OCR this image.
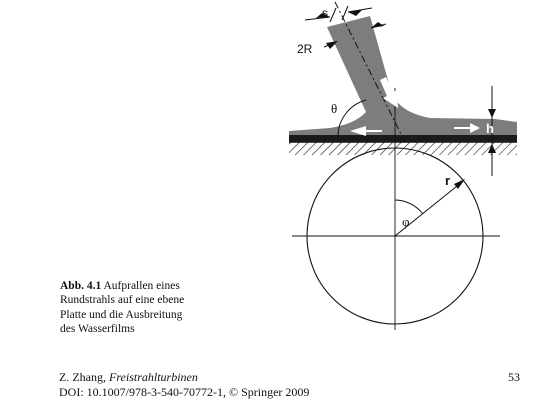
s
2R
θ
h
r
φ
Abb. 4.1 Aufprallen eines
Rundstrahls auf eine ebene
Platte und die Ausbreitung
des Wasserfilms
Z. Zhang, Freistrahlturbinen
DOI: 10.1007/978-3-540-70772-1, © Springer 2009
53
